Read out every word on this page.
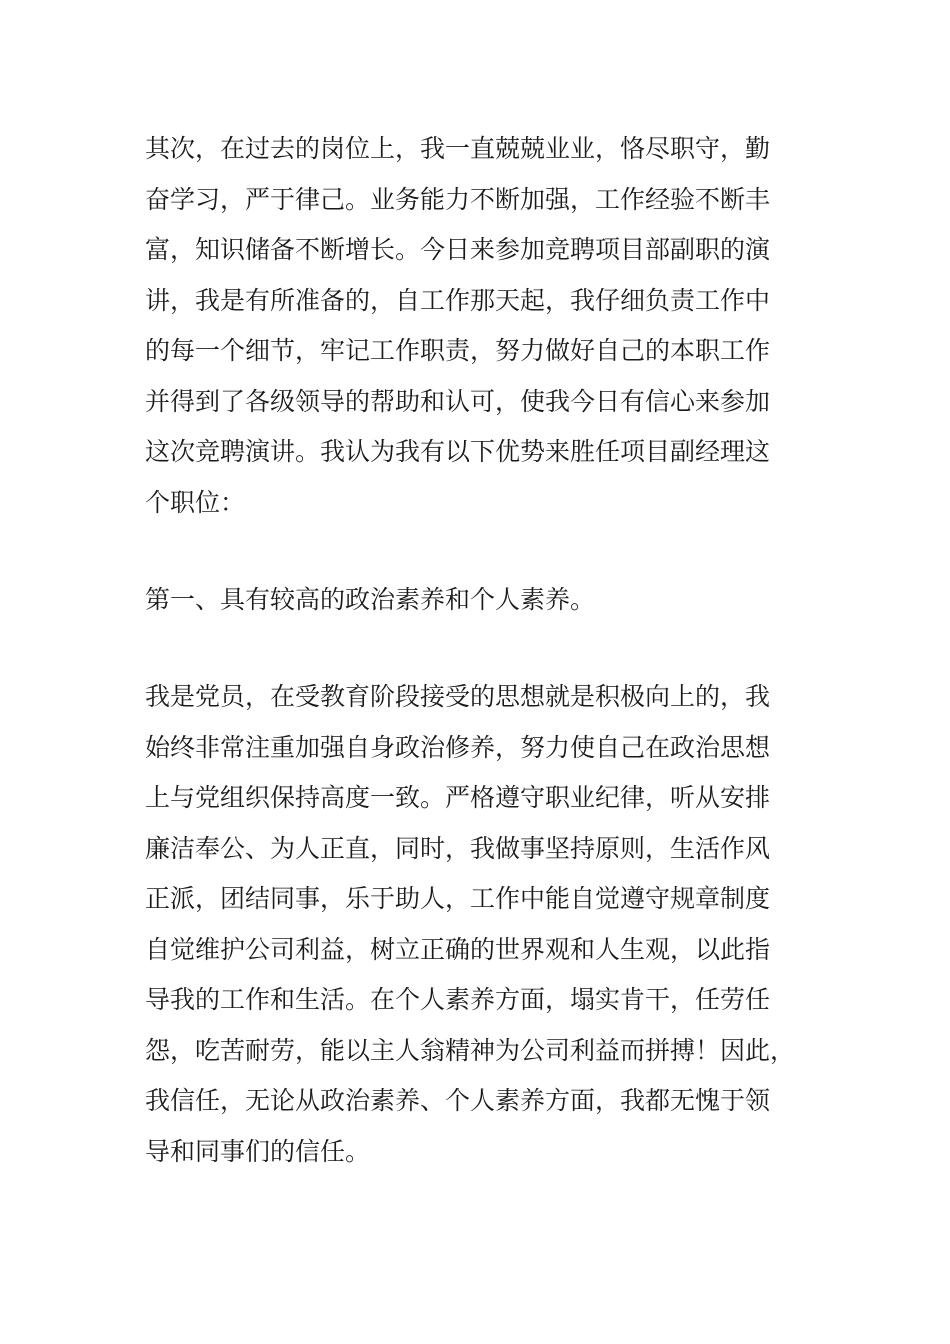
其次，在过去的岗位上，我一直兢兢业业，恪尽职守，勤
奋学习，严于律己。业务能力不断加强，工作经验不断丰
富，知识储备不断增长。今日来参加竞聘项目部副职的演
讲，我是有所准备的，自工作那天起，我仔细负责工作中
的每一个细节，牢记工作职责，努力做好自己的本职工作
并得到了各级领导的帮助和认可，使我今日有信心来参加
这次竞聘演讲。我认为我有以下优势来胜任项目副经理这
个职位：

第一、具有较高的政治素养和个人素养。

我是党员，在受教育阶段接受的思想就是积极向上的，我
始终非常注重加强自身政治修养，努力使自己在政治思想
上与党组织保持高度一致。严格遵守职业纪律，听从安排
廉洁奉公、为人正直，同时，我做事坚持原则，生活作风
正派，团结同事，乐于助人，工作中能自觉遵守规章制度
自觉维护公司利益，树立正确的世界观和人生观，以此指
导我的工作和生活。在个人素养方面，塌实肯干，任劳任
怨，吃苦耐劳，能以主人翁精神为公司利益而拼搏！因此，
我信任，无论从政治素养、个人素养方面，我都无愧于领
导和同事们的信任。
